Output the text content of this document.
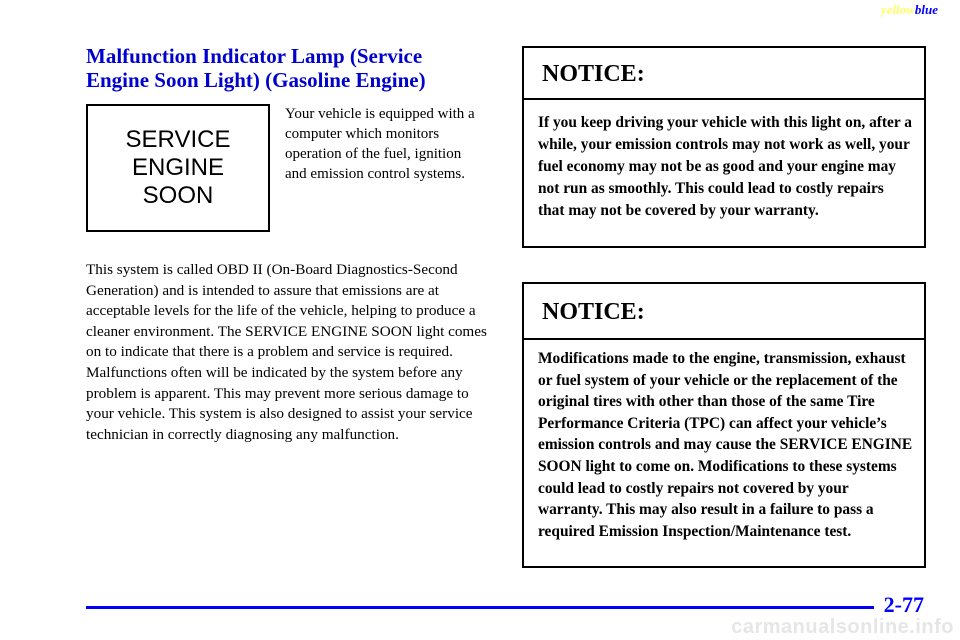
yellowblue
Malfunction Indicator Lamp (Service Engine Soon Light) (Gasoline Engine)
SERVICE
ENGINE
SOON

Your vehicle is equipped with a computer which monitors operation of the fuel, ignition and emission control systems.

This system is called OBD II (On-Board Diagnostics-Second Generation) and is intended to assure that emissions are at acceptable levels for the life of the vehicle, helping to produce a cleaner environment. The SERVICE ENGINE SOON light comes on to indicate that there is a problem and service is required. Malfunctions often will be indicated by the system before any problem is apparent. This may prevent more serious damage to your vehicle. This system is also designed to assist your service technician in correctly diagnosing any malfunction.

NOTICE:

If you keep driving your vehicle with this light on, after a while, your emission controls may not work as well, your fuel economy may not be as good and your engine may not run as smoothly. This could lead to costly repairs that may not be covered by your warranty.

NOTICE:

Modifications made to the engine, transmission, exhaust or fuel system of your vehicle or the replacement of the original tires with other than those of the same Tire Performance Criteria (TPC) can affect your vehicle’s emission controls and may cause the SERVICE ENGINE SOON light to come on. Modifications to these systems could lead to costly repairs not covered by your warranty. This may also result in a failure to pass a required Emission Inspection/Maintenance test.

2-77
carmanualsonline.info
